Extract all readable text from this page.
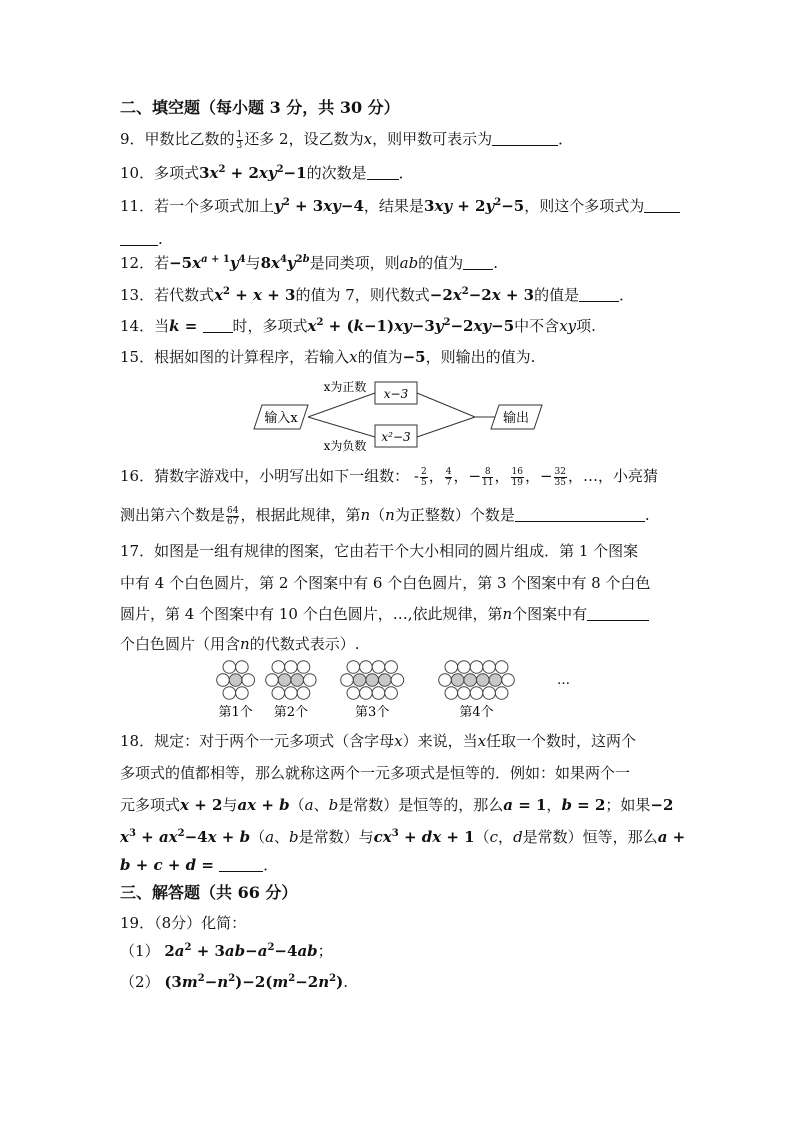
二、填空题（每小题 3 分，共 30 分）
9．甲数比乙数的 $\frac{1}{3}$ 还多 2，设乙数为x，则甲数可表示为	．
10．多项式$3x^2 + 2xy^2-1$的次数是 ．
11．若一个多项式加上$y^2 + 3xy-4$，结果是$3xy + 2y^2-5$，则这个多项式为
.
12．若$-5x^{a + 1}y^4$与$8x^4y^{2b}$是同类项，则ab的值为 .
13．若代数式$x^2 + x + 3$的值为 7，则代数式$-2x^2-2x + 3$的值是	．
14．当k = 时，多项式$x^2 + (k-1)xy-3y^2-2xy-5$中不含xy项.
15．根据如图的计算程序，若输入x的值为−5，则输出的值为.
输入x
x−3
x为正数
x²−3
x为负数
输出
16．猜数字游戏中，小明写出如下一组数： - $\frac{2}{5}$ ， $\frac{4}{7}$ ，− $\frac{8}{11}$ ， $\frac{16}{19}$ ，− $\frac{32}{35}$ ，…，小亮猜
测出第六个数是 $\frac{64}{67}$ ，根据此规律，第n（n为正整数）个数是	.
17．如图是一组有规律的图案，它由若干个大小相同的圆片组成．第 1 个图案
中有 4 个白色圆片，第 2 个图案中有 6 个白色圆片，第 3 个图案中有 8 个白色
圆片，第 4 个图案中有 10 个白色圆片，…,依此规律，第n个图案中有
个白色圆片（用含n的代数式表示）.
第1个 第2个	第3个	第4个
…
18．规定：对于两个一元多项式（含字母x）来说，当x任取一个数时，这两个
多项式的值都相等，那么就称这两个一元多项式是恒等的．例如：如果两个一
元多项式x + 2与ax + b（a、b是常数）是恒等的，那么a = 1，b = 2；如果−2
$x^3 + ax^2-4x + b(a$、b是常数）与$cx^3$ + dx + 1（c，d是常数）恒等，那么a +
b + c + d =	．
三、解答题（共 66 分）
19．（8分）化简：
（1） $2a^2 + 3ab-a^2-4ab$；
（2） $(3m^2-n^2)-2(m^2-2n^2)$.
